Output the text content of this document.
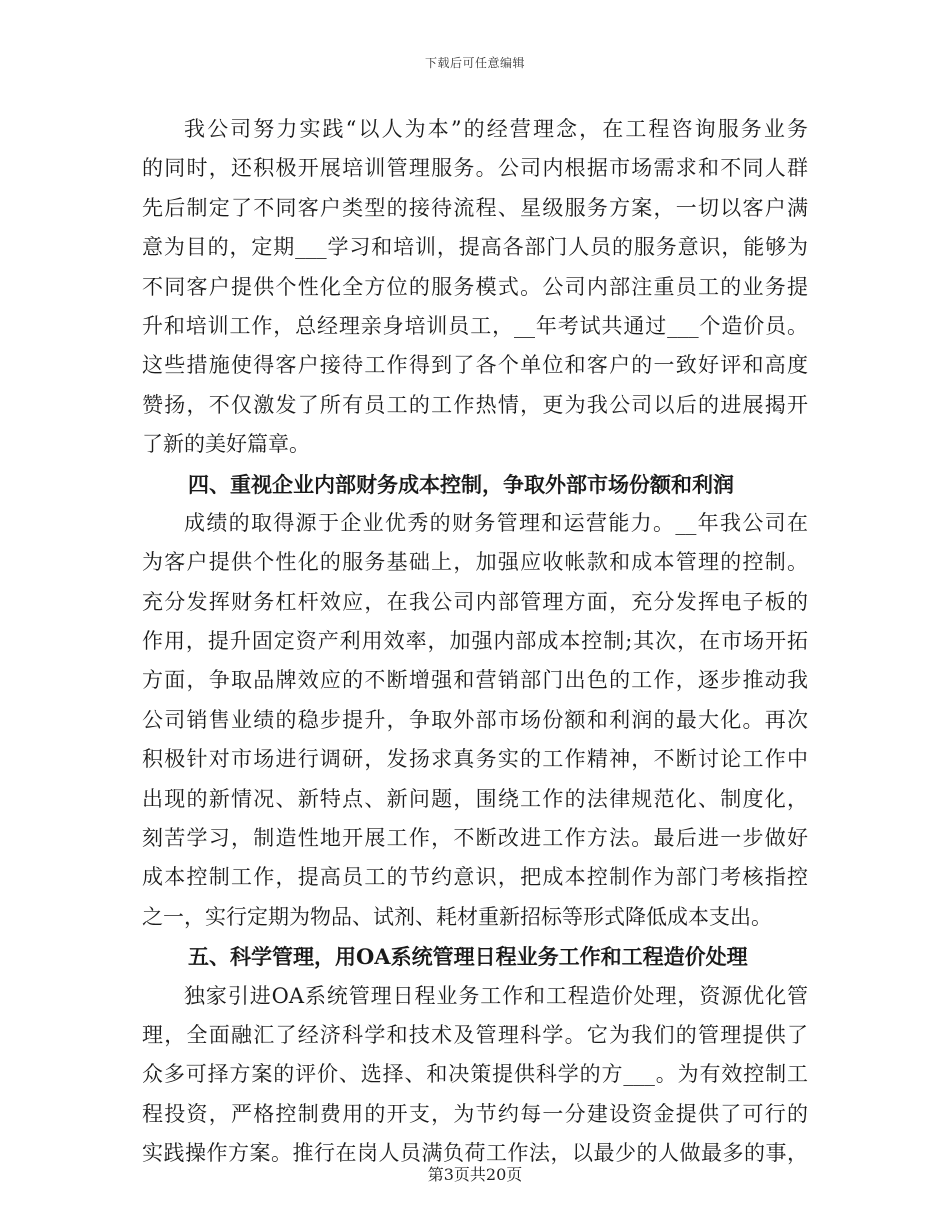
下载后可任意编辑
我公司努力实践“以人为本”的经营理念，在工程咨询服务业务
的同时，还积极开展培训管理服务。公司内根据市场需求和不同人群
先后制定了不同客户类型的接待流程、星级服务方案，一切以客户满
意为目的，定期___学习和培训，提高各部门人员的服务意识，能够为
不同客户提供个性化全方位的服务模式。公司内部注重员工的业务提
升和培训工作，总经理亲身培训员工，__年考试共通过___个造价员。
这些措施使得客户接待工作得到了各个单位和客户的一致好评和高度
赞扬，不仅激发了所有员工的工作热情，更为我公司以后的进展揭开
了新的美好篇章。
四、重视企业内部财务成本控制，争取外部市场份额和利润
成绩的取得源于企业优秀的财务管理和运营能力。__年我公司在
为客户提供个性化的服务基础上，加强应收帐款和成本管理的控制。
充分发挥财务杠杆效应，在我公司内部管理方面，充分发挥电子板的
作用，提升固定资产利用效率，加强内部成本控制;其次，在市场开拓
方面，争取品牌效应的不断增强和营销部门出色的工作，逐步推动我
公司销售业绩的稳步提升，争取外部市场份额和利润的最大化。再次
积极针对市场进行调研，发扬求真务实的工作精神，不断讨论工作中
出现的新情况、新特点、新问题，围绕工作的法律规范化、制度化，
刻苦学习，制造性地开展工作，不断改进工作方法。最后进一步做好
成本控制工作，提高员工的节约意识，把成本控制作为部门考核指控
之一，实行定期为物品、试剂、耗材重新招标等形式降低成本支出。
五、科学管理，用OA系统管理日程业务工作和工程造价处理
独家引进OA系统管理日程业务工作和工程造价处理，资源优化管
理，全面融汇了经济科学和技术及管理科学。它为我们的管理提供了
众多可择方案的评价、选择、和决策提供科学的方___。为有效控制工
程投资，严格控制费用的开支，为节约每一分建设资金提供了可行的
实践操作方案。推行在岗人员满负荷工作法，以最少的人做最多的事，
第3页共20页
